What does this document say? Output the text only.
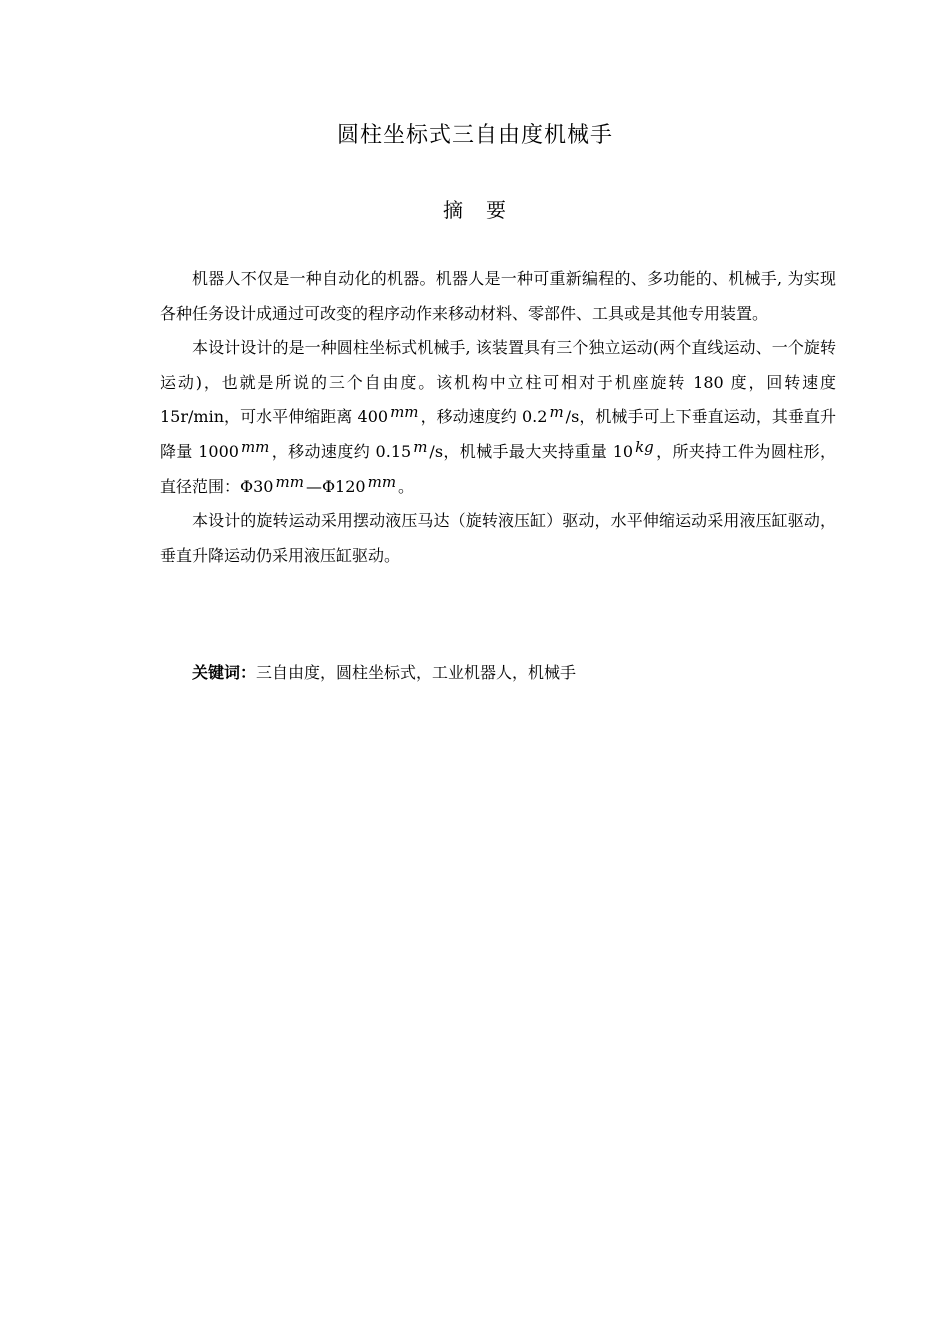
圆柱坐标式三自由度机械手
摘 要

机器人不仅是一种自动化的机器。机器人是一种可重新编程的、多功能的、机械手, 为实现各种任务设计成通过可改变的程序动作来移动材料、零部件、工具或是其他专用装置。

本设计设计的是一种圆柱坐标式机械手, 该装置具有三个独立运动(两个直线运动、一个旋转运动)，也就是所说的三个自由度。该机构中立柱可相对于机座旋转 180 度，回转速度 15r/min，可水平伸缩距离 400 mm ，移动速度约 0.2 m /s，机械手可上下垂直运动，其垂直升降量 1000 mm ，移动速度约 0.15 m /s，机械手最大夹持重量 10 kg ，所夹持工件为圆柱形，直径范围：Φ30 mm —Φ120 mm 。

本设计的旋转运动采用摆动液压马达（旋转液压缸）驱动，水平伸缩运动采用液压缸驱动，垂直升降运动仍采用液压缸驱动。

关键词：三自由度，圆柱坐标式，工业机器人，机械手
